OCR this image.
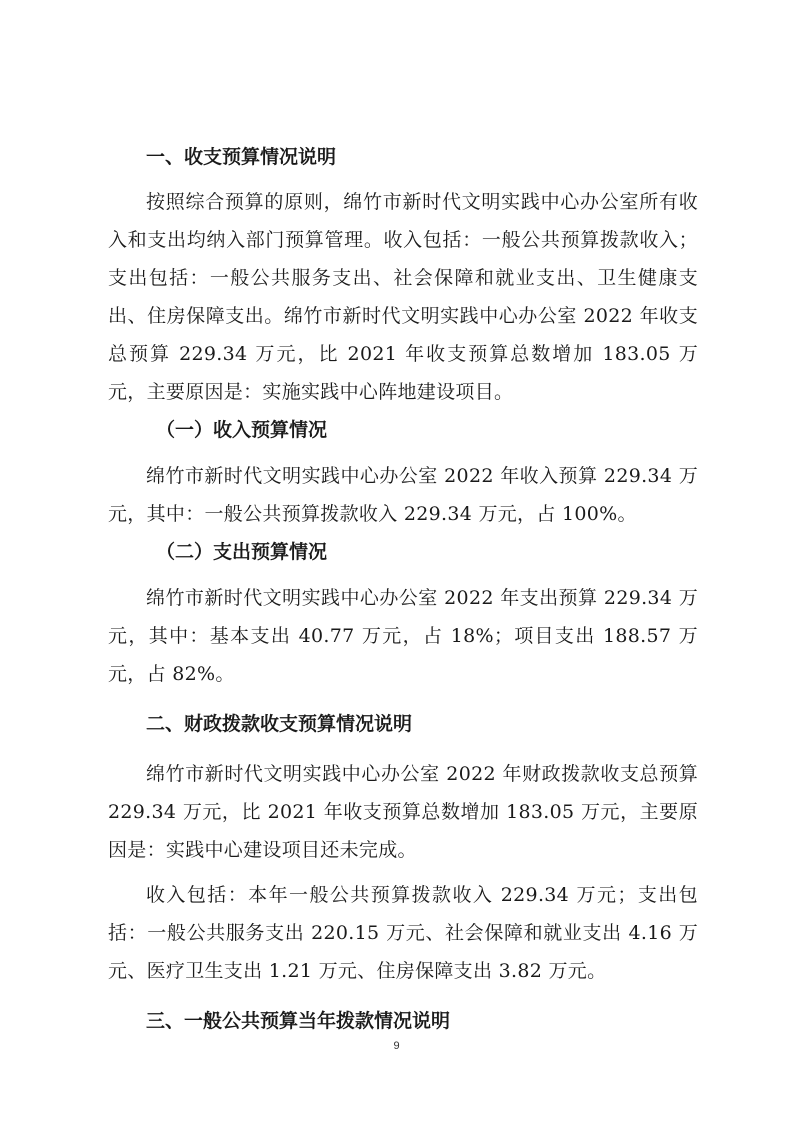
一、收支预算情况说明

按照综合预算的原则，绵竹市新时代文明实践中心办公室所有收入和支出均纳入部门预算管理。收入包括：一般公共预算拨款收入；支出包括：一般公共服务支出、社会保障和就业支出、卫生健康支出、住房保障支出。绵竹市新时代文明实践中心办公室 2022 年收支总预算 229.34 万元，比 2021 年收支预算总数增加 183.05 万元，主要原因是：实施实践中心阵地建设项目。

（一）收入预算情况

绵竹市新时代文明实践中心办公室 2022 年收入预算 229.34 万元，其中：一般公共预算拨款收入 229.34 万元，占 100%。

（二）支出预算情况

绵竹市新时代文明实践中心办公室 2022 年支出预算 229.34 万元，其中：基本支出 40.77 万元，占 18%；项目支出 188.57 万元，占 82%。

二、财政拨款收支预算情况说明

绵竹市新时代文明实践中心办公室 2022 年财政拨款收支总预算 229.34 万元，比 2021 年收支预算总数增加 183.05 万元，主要原因是：实践中心建设项目还未完成。

收入包括：本年一般公共预算拨款收入 229.34 万元；支出包括：一般公共服务支出 220.15 万元、社会保障和就业支出 4.16 万元、医疗卫生支出 1.21 万元、住房保障支出 3.82 万元。

三、一般公共预算当年拨款情况说明
9
